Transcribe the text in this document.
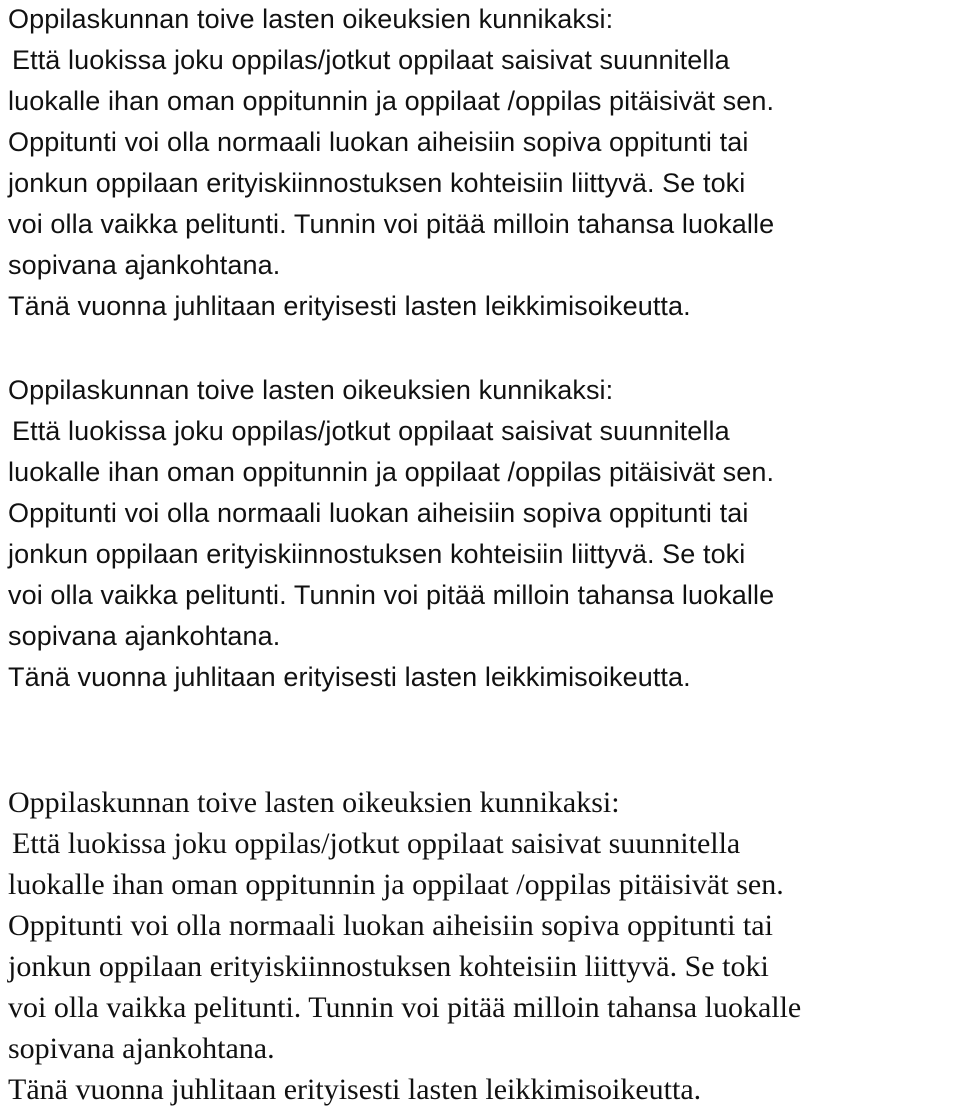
Oppilaskunnan toive lasten oikeuksien kunnikaksi:
Että luokissa joku oppilas/jotkut oppilaat saisivat suunnitella
luokalle ihan oman oppitunnin ja oppilaat /oppilas pitäisivät sen.
Oppitunti voi olla normaali luokan aiheisiin sopiva oppitunti tai
jonkun oppilaan erityiskiinnostuksen kohteisiin liittyvä. Se toki
voi olla vaikka pelitunti. Tunnin voi pitää milloin tahansa luokalle
sopivana ajankohtana.
Tänä vuonna juhlitaan erityisesti lasten leikkimisoikeutta.
Oppilaskunnan toive lasten oikeuksien kunnikaksi:
Että luokissa joku oppilas/jotkut oppilaat saisivat suunnitella
luokalle ihan oman oppitunnin ja oppilaat /oppilas pitäisivät sen.
Oppitunti voi olla normaali luokan aiheisiin sopiva oppitunti tai
jonkun oppilaan erityiskiinnostuksen kohteisiin liittyvä. Se toki
voi olla vaikka pelitunti. Tunnin voi pitää milloin tahansa luokalle
sopivana ajankohtana.
Tänä vuonna juhlitaan erityisesti lasten leikkimisoikeutta.
Oppilaskunnan toive lasten oikeuksien kunnikaksi:
Että luokissa joku oppilas/jotkut oppilaat saisivat suunnitella
luokalle ihan oman oppitunnin ja oppilaat /oppilas pitäisivät sen.
Oppitunti voi olla normaali luokan aiheisiin sopiva oppitunti tai
jonkun oppilaan erityiskiinnostuksen kohteisiin liittyvä. Se toki
voi olla vaikka pelitunti. Tunnin voi pitää milloin tahansa luokalle
sopivana ajankohtana.
Tänä vuonna juhlitaan erityisesti lasten leikkimisoikeutta.
